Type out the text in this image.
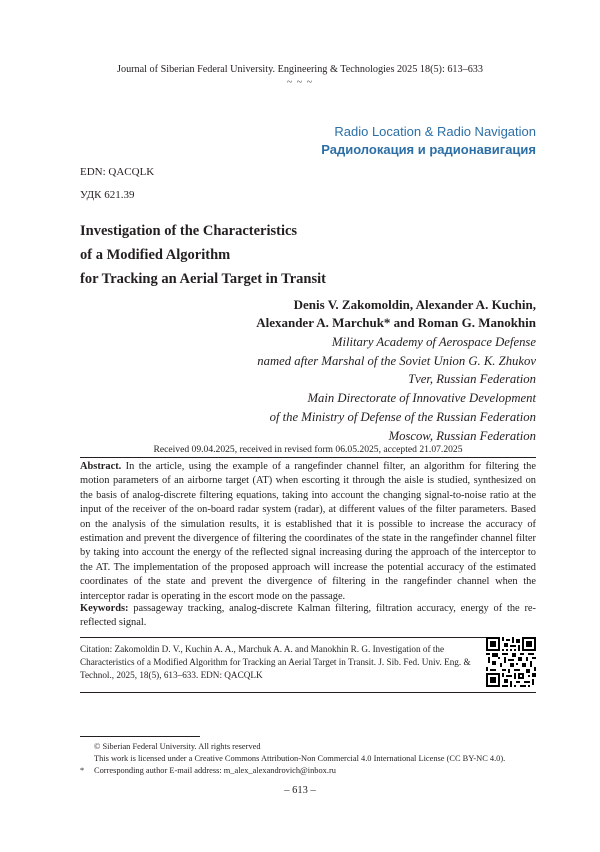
Journal of Siberian Federal University. Engineering & Technologies 2025 18(5): 613–633
~ ~ ~
Radio Location & Radio Navigation
Радиолокация и радионавигация
EDN: QACQLK
УДК 621.39
Investigation of the Characteristics
of a Modified Algorithm
for Tracking an Aerial Target in Transit
Denis V. Zakomoldin, Alexander A. Kuchin,
Alexander A. Marchuk* and Roman G. Manokhin
Military Academy of Aerospace Defense
named after Marshal of the Soviet Union G. K. Zhukov
Tver, Russian Federation
Main Directorate of Innovative Development
of the Ministry of Defense of the Russian Federation
Moscow, Russian Federation
Received 09.04.2025, received in revised form 06.05.2025, accepted 21.07.2025
Abstract. In the article, using the example of a rangefinder channel filter, an algorithm for filtering the motion parameters of an airborne target (AT) when escorting it through the aisle is studied, synthesized on the basis of analog-discrete filtering equations, taking into account the changing signal-to-noise ratio at the input of the receiver of the on-board radar system (radar), at different values of the filter parameters. Based on the analysis of the simulation results, it is established that it is possible to increase the accuracy of estimation and prevent the divergence of filtering the coordinates of the state in the rangefinder channel filter by taking into account the energy of the reflected signal increasing during the approach of the interceptor to the AT. The implementation of the proposed approach will increase the potential accuracy of the estimated coordinates of the state and prevent the divergence of filtering in the rangefinder channel when the interceptor radar is operating in the escort mode on the passage.
Keywords: passageway tracking, analog-discrete Kalman filtering, filtration accuracy, energy of the re-reflected signal.
Citation: Zakomoldin D. V., Kuchin A. A., Marchuk A. A. and Manokhin R. G. Investigation of the Characteristics of a Modified Algorithm for Tracking an Aerial Target in Transit. J. Sib. Fed. Univ. Eng. & Technol., 2025, 18(5), 613–633. EDN: QACQLK
© Siberian Federal University. All rights reserved
This work is licensed under a Creative Commons Attribution-Non Commercial 4.0 International License (CC BY-NC 4.0).
* Corresponding author E-mail address: m_alex_alexandrovich@inbox.ru
– 613 –
